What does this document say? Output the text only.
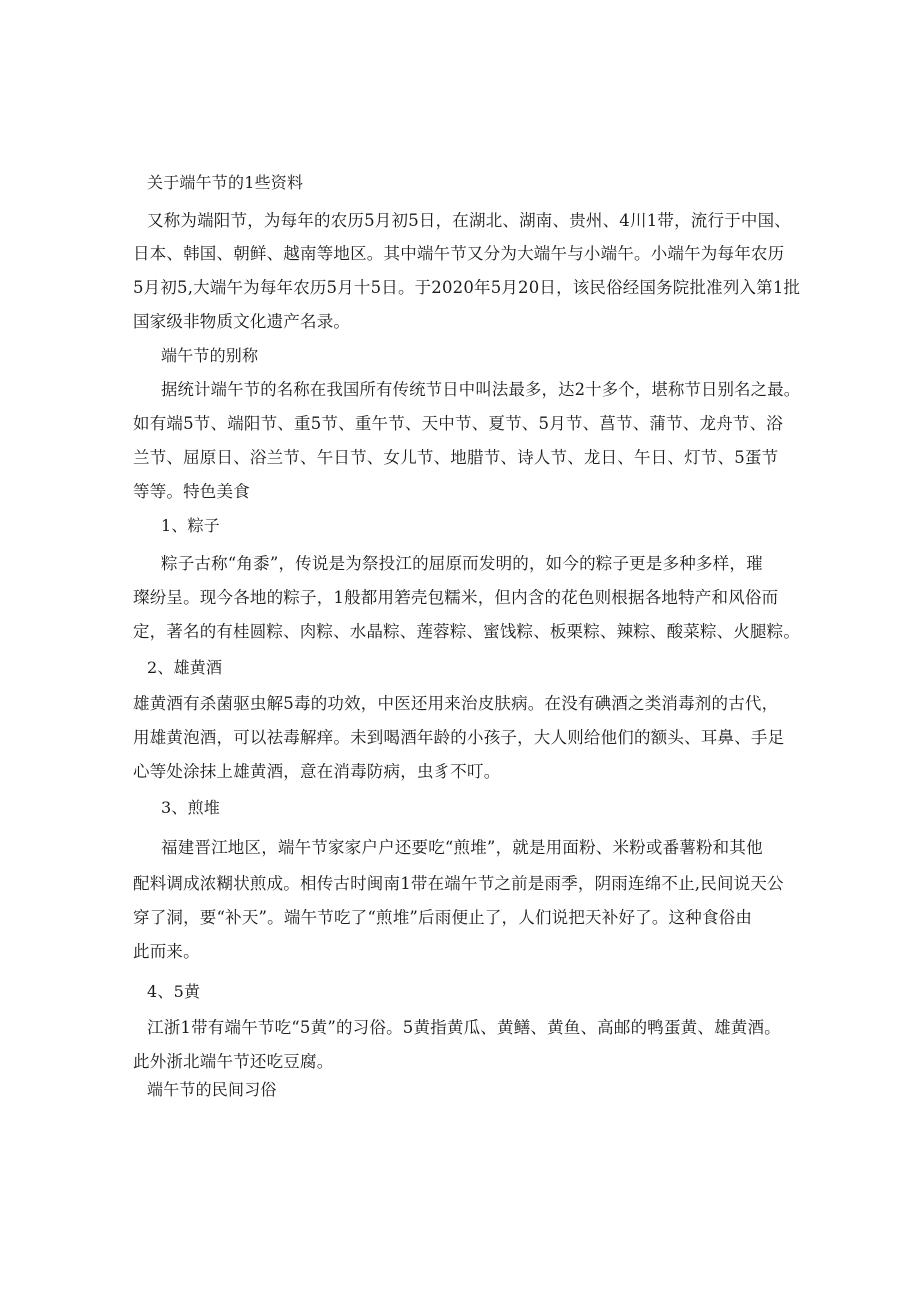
关于端午节的1些资料

又称为端阳节，为每年的农历5月初5日，在湖北、湖南、贵州、4川1带，流行于中国、

日本、韩国、朝鲜、越南等地区。其中端午节又分为大端午与小端午。小端午为每年农历

5月初5,大端午为每年农历5月十5日。于2020年5月20日，该民俗经国务院批准列入第1批

国家级非物质文化遗产名录。

端午节的别称

据统计端午节的名称在我国所有传统节日中叫法最多，达2十多个，堪称节日别名之最。

如有端5节、端阳节、重5节、重午节、天中节、夏节、5月节、菖节、蒲节、龙舟节、浴

兰节、屈原日、浴兰节、午日节、女儿节、地腊节、诗人节、龙日、午日、灯节、5蛋节

等等。特色美食

1、粽子

粽子古称“角黍”，传说是为祭投江的屈原而发明的，如今的粽子更是多种多样，璀

璨纷呈。现今各地的粽子，1般都用箬壳包糯米，但内含的花色则根据各地特产和风俗而

定，著名的有桂圆粽、肉粽、水晶粽、莲蓉粽、蜜饯粽、板栗粽、辣粽、酸菜粽、火腿粽。

2、雄黄酒

雄黄酒有杀菌驱虫解5毒的功效，中医还用来治皮肤病。在没有碘酒之类消毒剂的古代，

用雄黄泡酒，可以祛毒解痒。未到喝酒年龄的小孩子，大人则给他们的额头、耳鼻、手足

心等处涂抹上雄黄酒，意在消毒防病，虫豸不叮。

3、煎堆

福建晋江地区，端午节家家户户还要吃“煎堆”，就是用面粉、米粉或番薯粉和其他

配料调成浓糊状煎成。相传古时闽南1带在端午节之前是雨季，阴雨连绵不止,民间说天公

穿了洞，要“补天”。端午节吃了“煎堆”后雨便止了，人们说把天补好了。这种食俗由

此而来。

4、5黄

江浙1带有端午节吃“5黄”的习俗。5黄指黄瓜、黄鳝、黄鱼、高邮的鸭蛋黄、雄黄酒。

此外浙北端午节还吃豆腐。

端午节的民间习俗
